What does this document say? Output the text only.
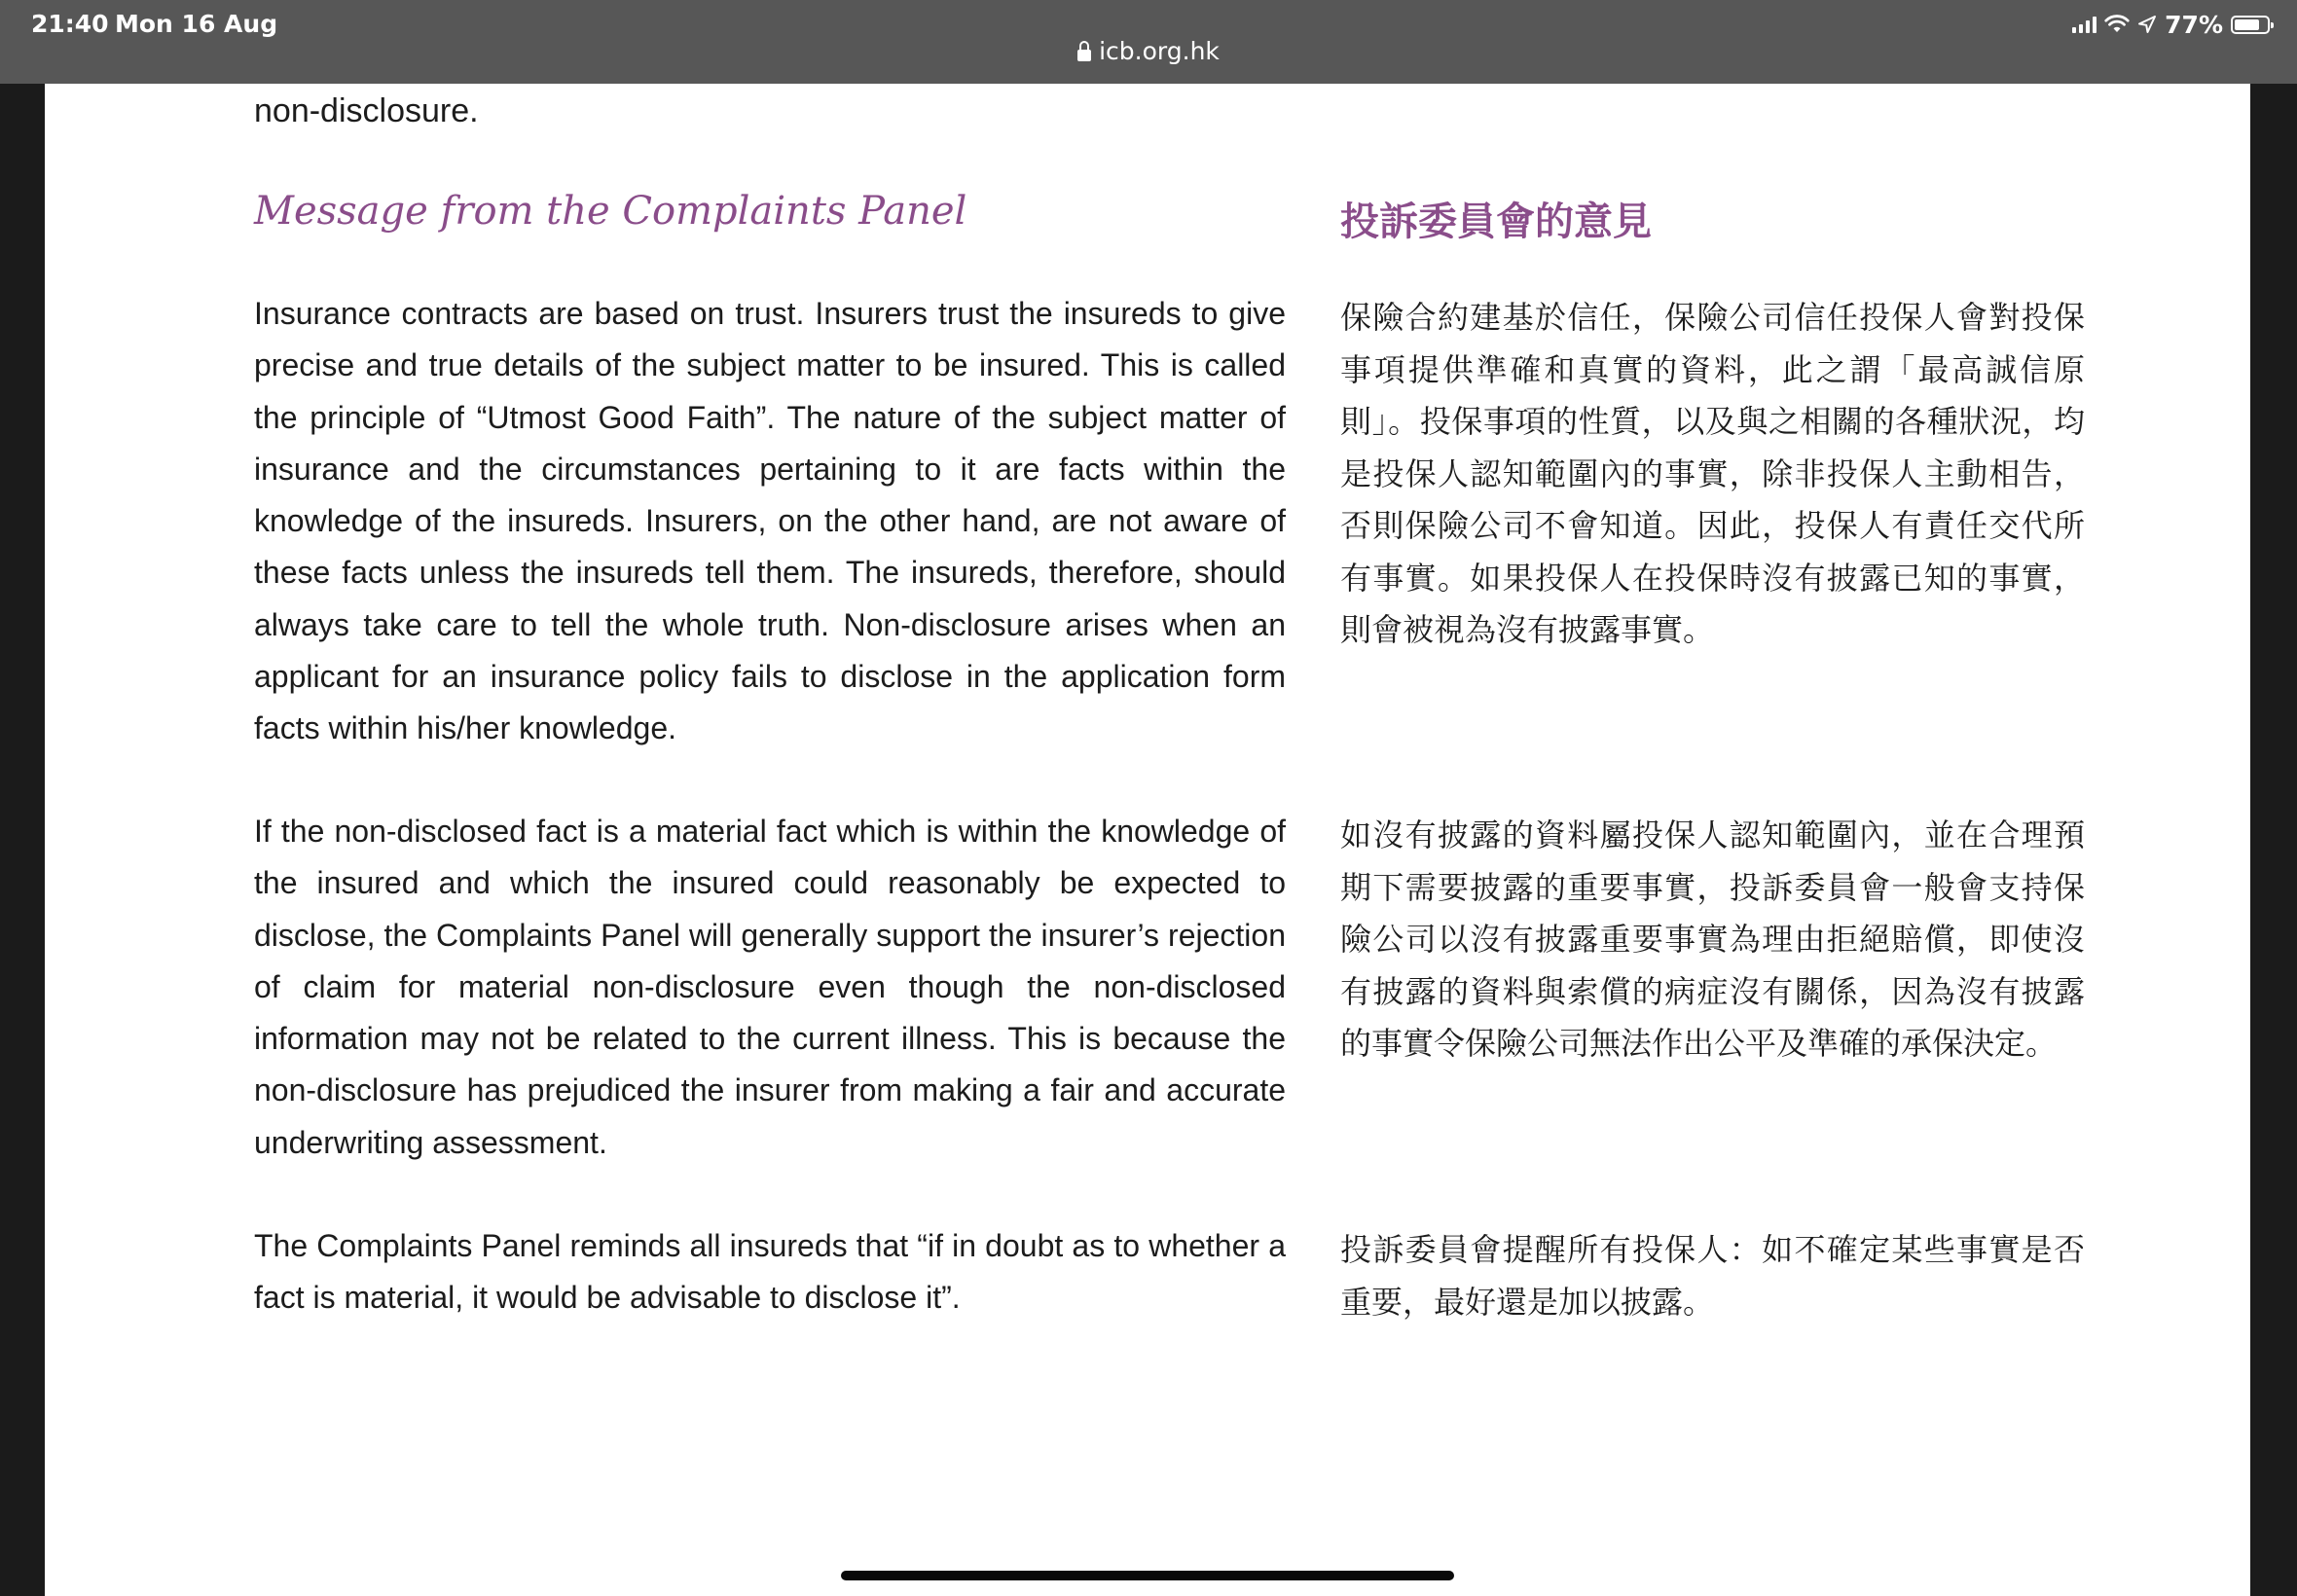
21:40 Mon 16 Aug
icb.org.hk
77%
non-disclosure.
Message from the Complaints Panel	投訴委員會的意見

Insurance contracts are based on trust. Insurers trust the insureds to give precise and true details of the subject matter to be insured. This is called the principle of “Utmost Good Faith”. The nature of the subject matter of insurance and the circumstances pertaining to it are facts within the knowledge of the insureds. Insurers, on the other hand, are not aware of these facts unless the insureds tell them. The insureds, therefore, should always take care to tell the whole truth. Non-disclosure arises when an applicant for an insurance policy fails to disclose in the application form facts within his/her knowledge.

If the non-disclosed fact is a material fact which is within the knowledge of the insured and which the insured could reasonably be expected to disclose, the Complaints Panel will generally support the insurer’s rejection of claim for material non-disclosure even though the non-disclosed information may not be related to the current illness. This is because the non-disclosure has prejudiced the insurer from making a fair and accurate underwriting assessment.

The Complaints Panel reminds all insureds that “if in doubt as to whether a fact is material, it would be advisable to disclose it”.

保險合約建基於信任，保險公司信任投保人會對投保事項提供準確和真實的資料，此之謂「最高誠信原則」。投保事項的性質，以及與之相關的各種狀況，均是投保人認知範圍內的事實，除非投保人主動相告，否則保險公司不會知道。因此，投保人有責任交代所有事實。如果投保人在投保時沒有披露已知的事實，則會被視為沒有披露事實。

如沒有披露的資料屬投保人認知範圍內，並在合理預期下需要披露的重要事實，投訴委員會一般會支持保險公司以沒有披露重要事實為理由拒絕賠償，即使沒有披露的資料與索償的病症沒有關係，因為沒有披露的事實令保險公司無法作出公平及準確的承保決定。

投訴委員會提醒所有投保人：如不確定某些事實是否重要，最好還是加以披露。
